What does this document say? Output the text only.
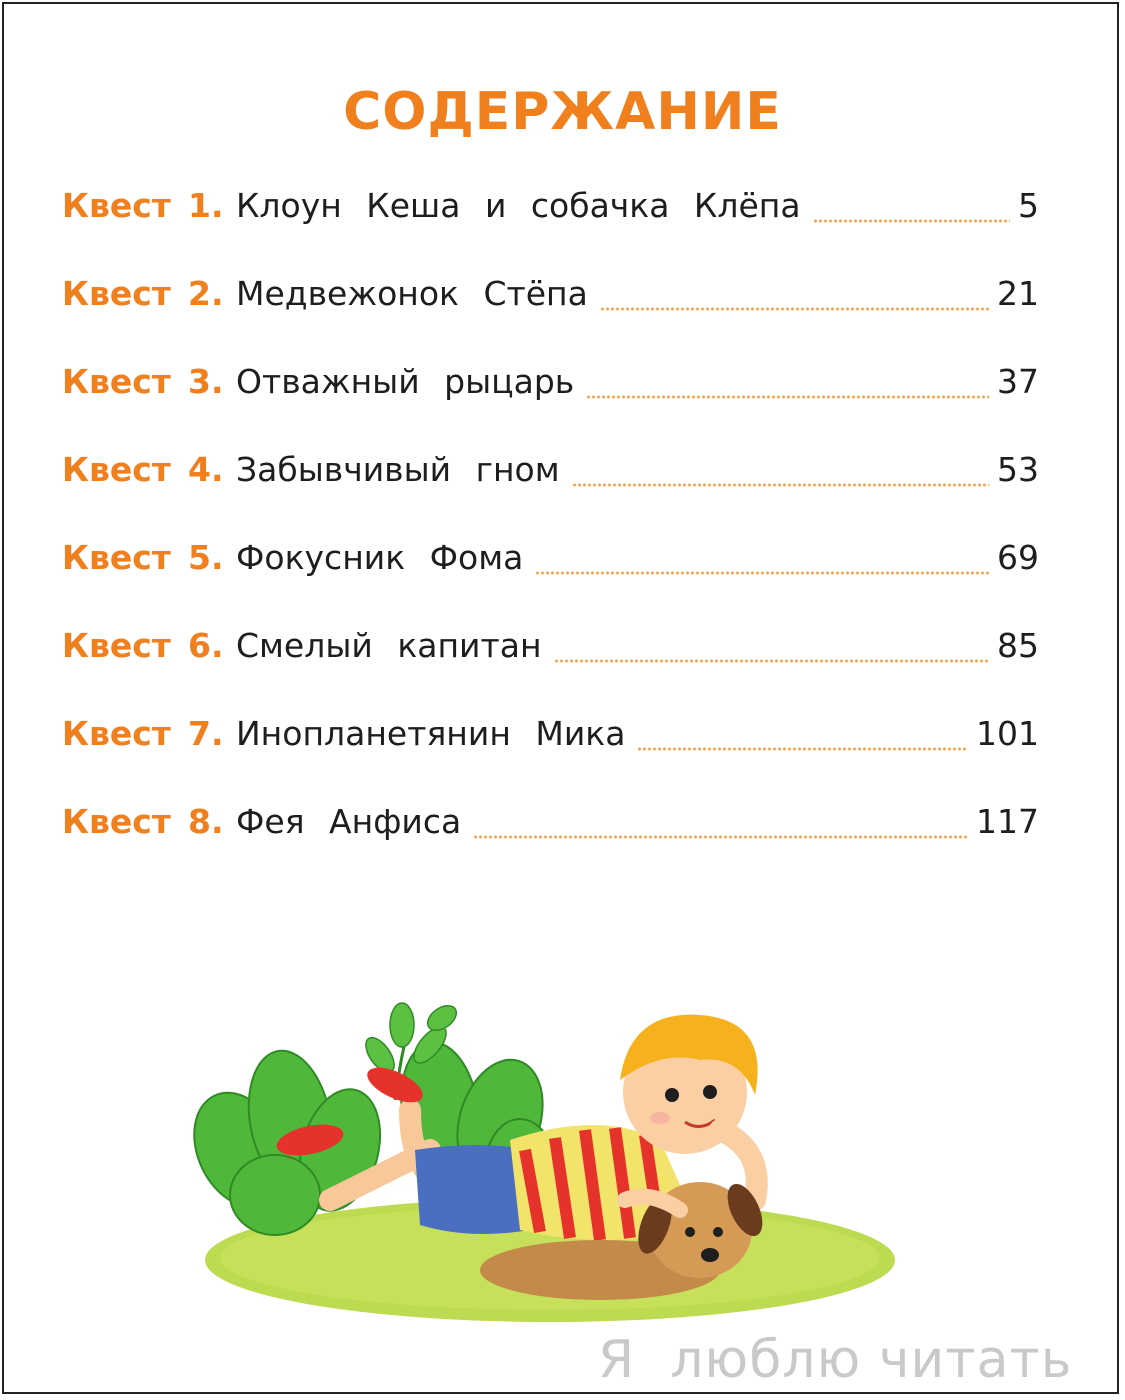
СОДЕРЖАНИЕ
Квест 1. Клоун Кеша и собачка Клёпа	5
Квест 2. Медвежонок Стёпа	21
Квест 3. Отважный рыцарь	37
Квест 4. Забывчивый гном	53
Квест 5. Фокусник Фома	69
Квест 6. Смелый капитан	85
Квест 7. Инопланетянин Мика	101
Квест 8. Фея Анфиса	117
Я  люблю читать
